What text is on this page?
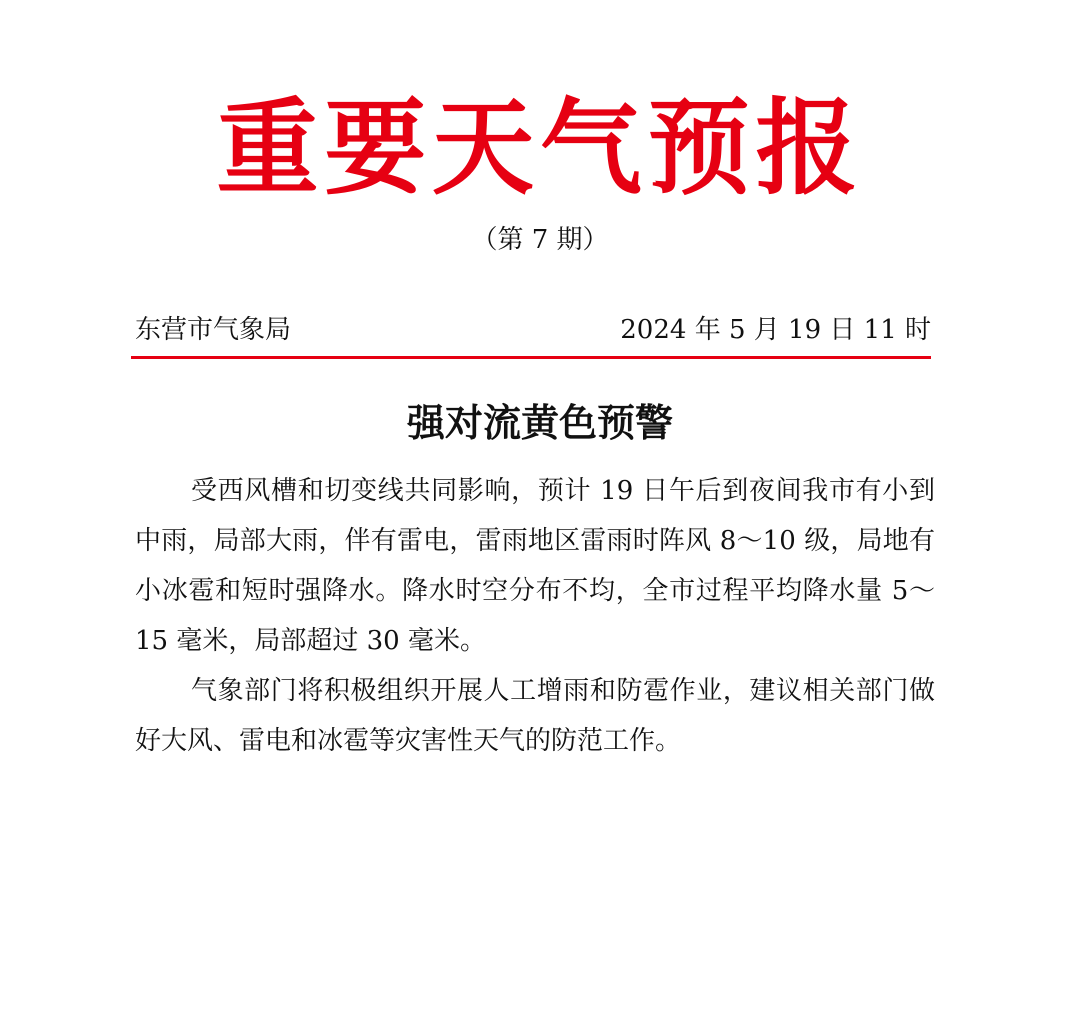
重要天气预报
（第 7 期）
东营市气象局	2024 年 5 月 19 日 11 时
强对流黄色预警

受西风槽和切变线共同影响，预计 19 日午后到夜间我市有小到中雨，局部大雨，伴有雷电，雷雨地区雷雨时阵风 8～10 级，局地有小冰雹和短时强降水。降水时空分布不均，全市过程平均降水量 5～15 毫米，局部超过 30 毫米。

气象部门将积极组织开展人工增雨和防雹作业，建议相关部门做好大风、雷电和冰雹等灾害性天气的防范工作。
